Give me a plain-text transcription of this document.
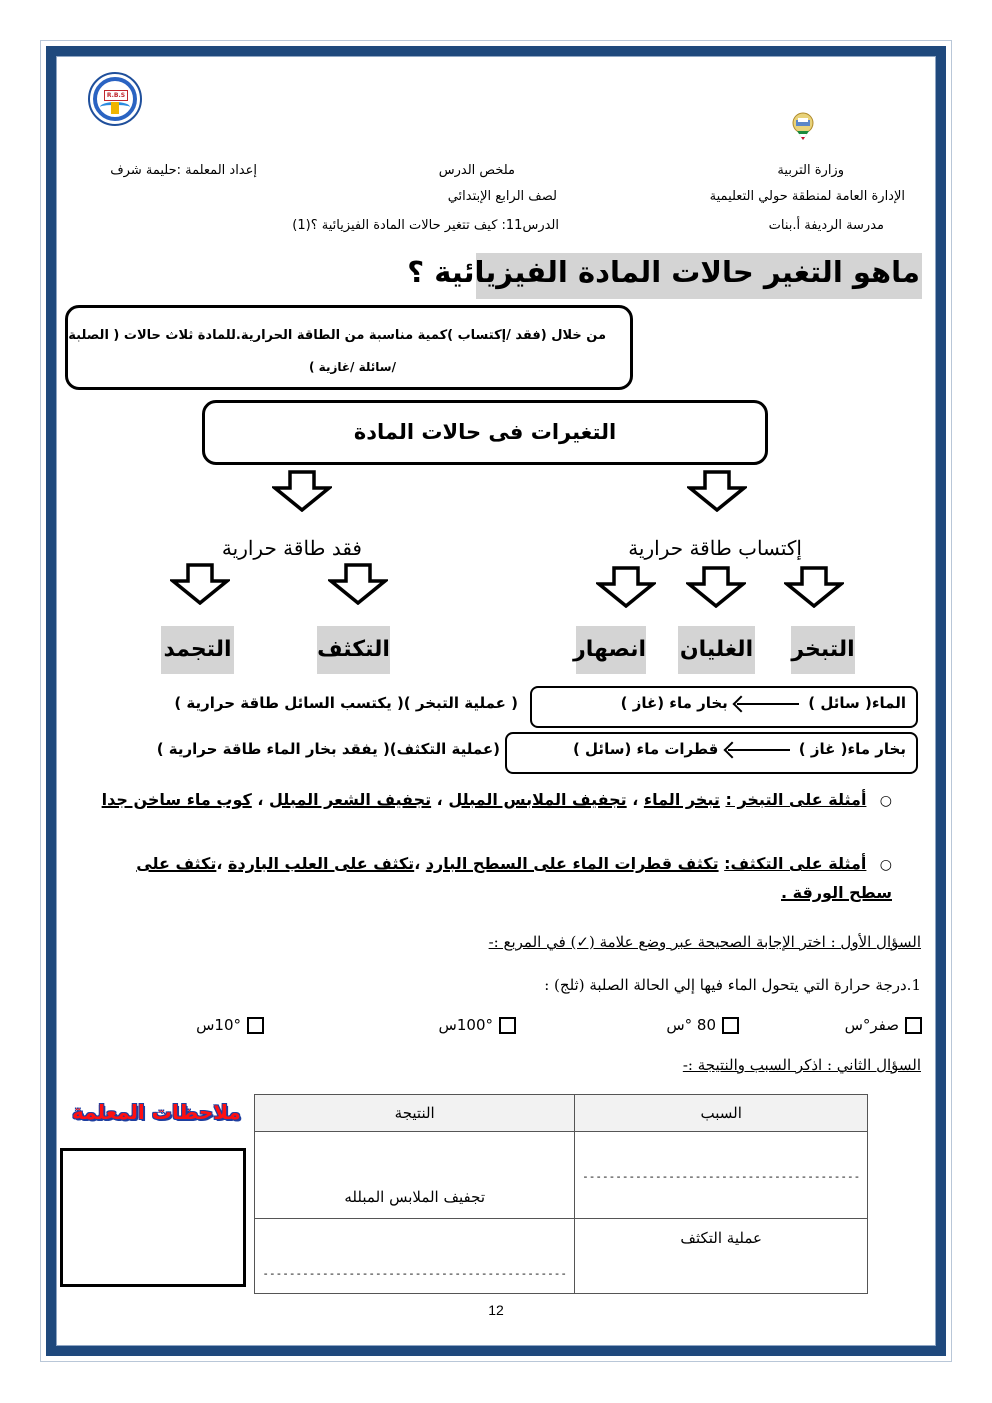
R.B.S
وزارة التربية
الإدارة العامة لمنطقة حولي التعليمية
مدرسة الرديفة أ.بنات
ملخص الدرس
لصف الرابع الإبتدائي
الدرس11: كيف تتغير حالات المادة الفيزيائية ؟(1)
إعداد المعلمة :حليمة شرف
ماهو التغير حالات المادة الفيزيائية ؟
من خلال (فقد /إكتساب )كمية مناسبة من الطاقة الحرارية.للمادة ثلاث حالات ( الصلبة
/سائلة /غازية )
التغيرات فى حالات المادة
فقد طاقة حرارية	إكتساب طاقة حرارية
التبخر
الغليان
انصهار
التكثف
التجمد
الماء( سائل )  بخار ماء (غاز )
( عملية التبخر )( يكتسب السائل طاقة حرارية )
بخار ماء( غاز )  قطرات ماء (سائل )
(عملية التكثف)( يفقد بخار الماء طاقة حرارية )
○   أمثلة على التبخر : تبخر الماء ، تجفيف الملابس المبلل ، تجفيف الشعر المبلل ، كوب ماء ساخن جدا
○   أمثلة على التكثف: تكثف قطرات الماء على السطح البارد ،تكثف على العلب الباردة ،تكثف على سطح الورقة .
السؤال الأول : اختر الإجابة الصحيحة عبر وضع علامة (✓) في المربع :-
1.درجة حرارة التي يتحول الماء فيها إلي الحالة الصلبة (ثلج) :
صفر°س
80 °س
100°س
10°س
السؤال الثاني : اذكر السبب والنتيجة :-
ملاحظات المعلمة	السبب	النتيجة
------------------------------------------	تجفيف الملابس المبلله
عملية التكثف	----------------------------------------------
12
